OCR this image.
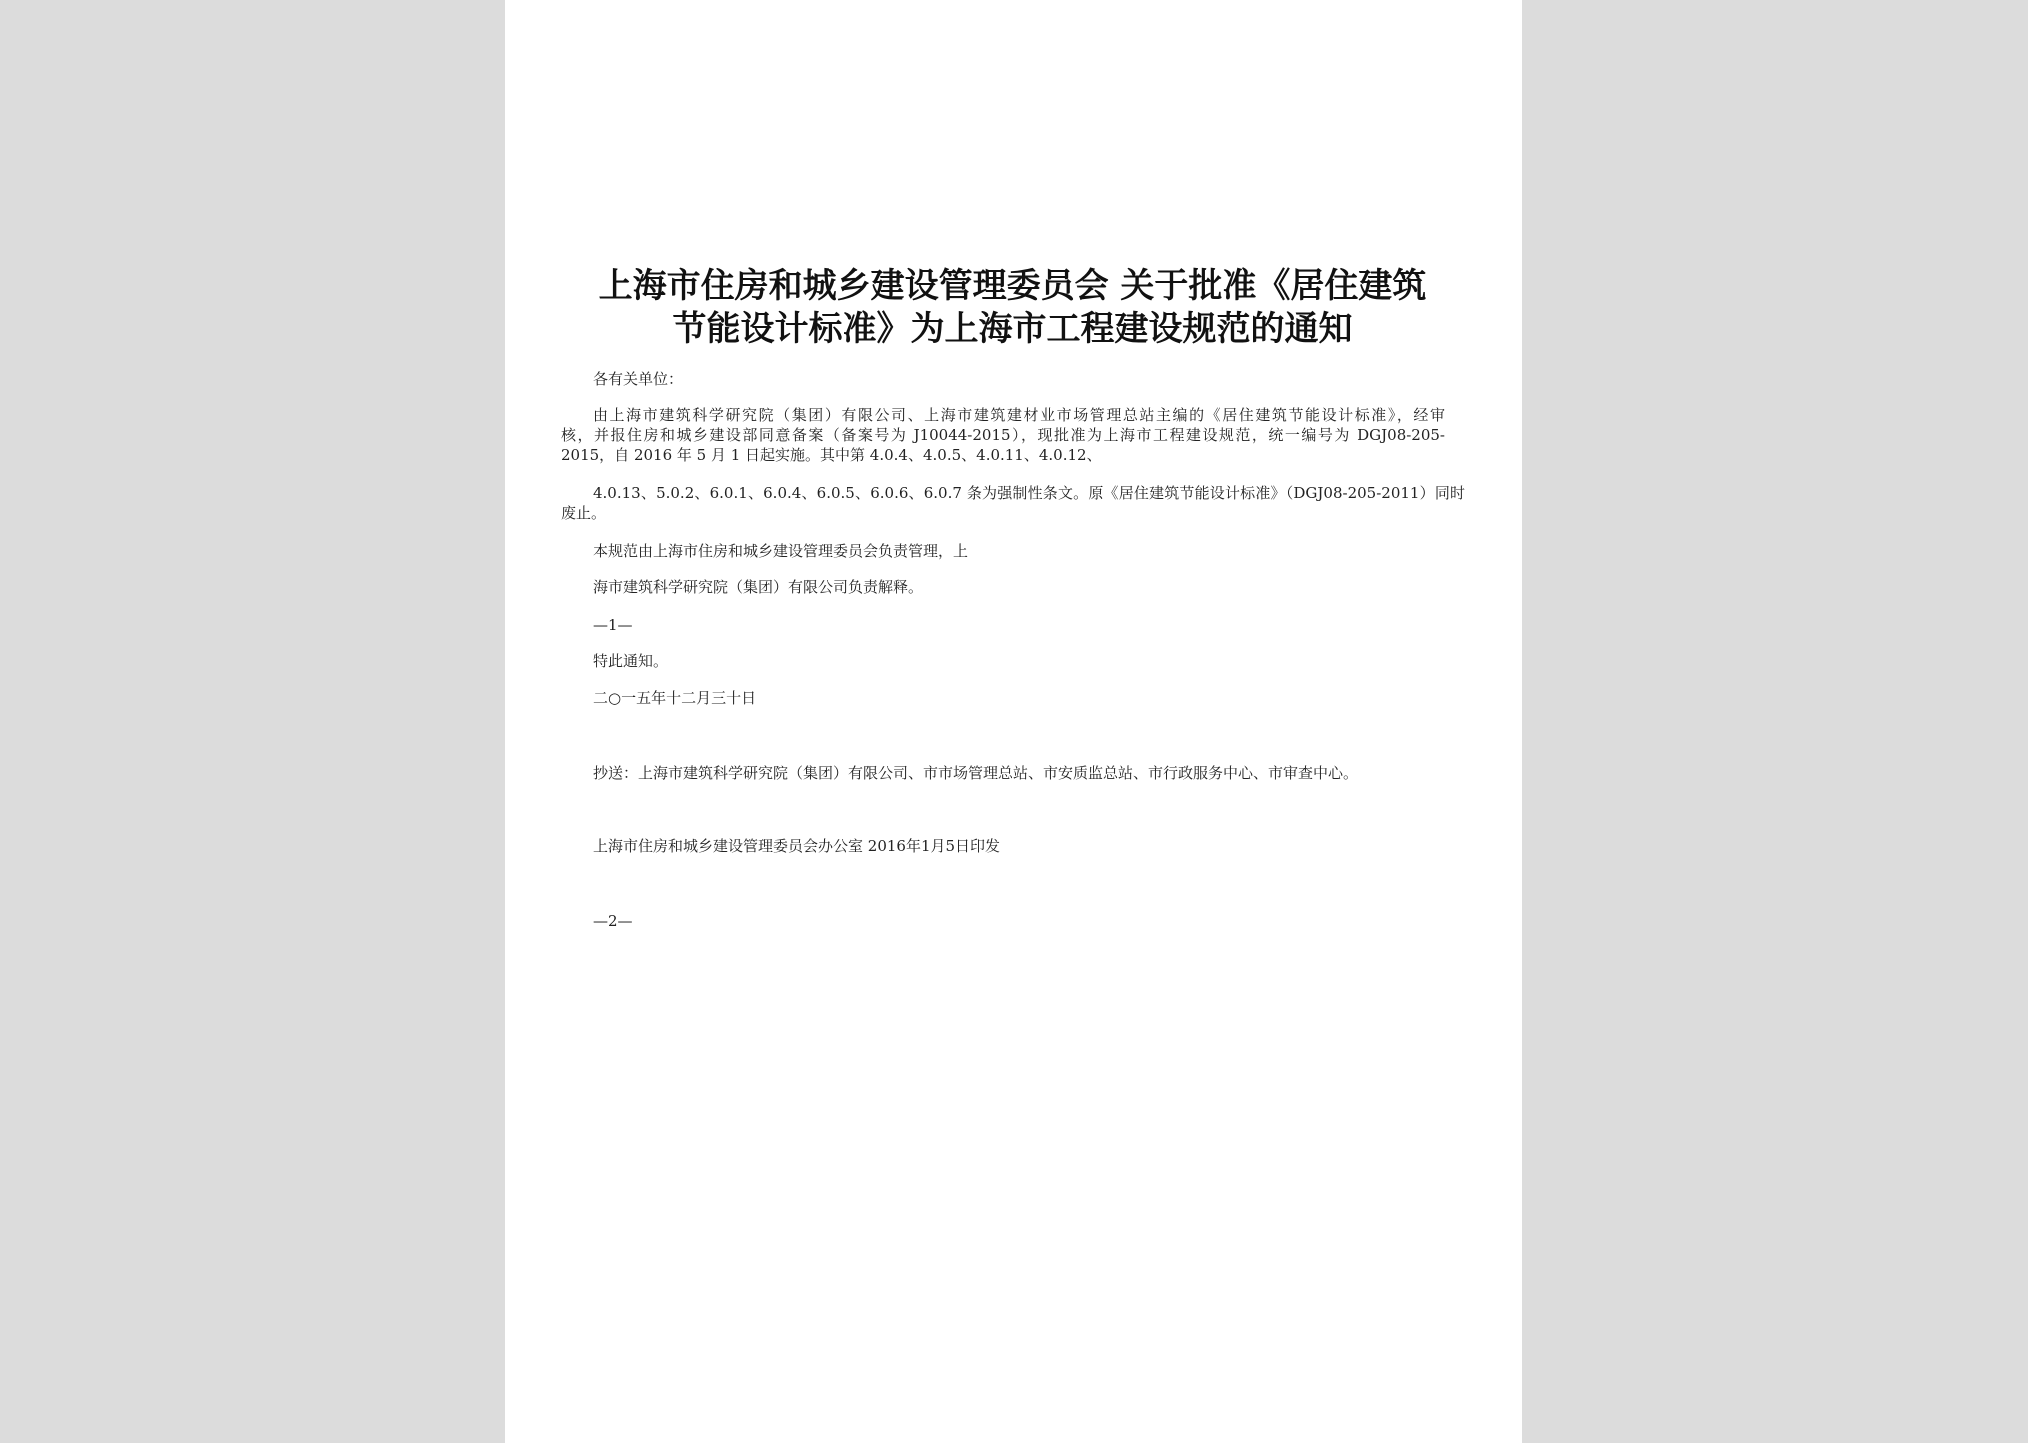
上海市住房和城乡建设管理委员会 关于批准《居住建筑
节能设计标准》为上海市工程建设规范的通知
各有关单位：
由上海市建筑科学研究院（集团）有限公司、上海市建筑建材业市场管理总站主编的《居住建筑节能设计标准》，经审
核，并报住房和城乡建设部同意备案（备案号为 J10044-2015），现批准为上海市工程建设规范，统一编号为 DGJ08-205-
2015，自 2016 年 5 月 1 日起实施。其中第 4.0.4、4.0.5、4.0.11、4.0.12、
4.0.13、5.0.2、6.0.1、6.0.4、6.0.5、6.0.6、6.0.7 条为强制性条文。原《居住建筑节能设计标准》（DGJ08-205-2011）同时
废止。
本规范由上海市住房和城乡建设管理委员会负责管理，上
海市建筑科学研究院（集团）有限公司负责解释。
—1—
特此通知。
二○一五年十二月三十日
抄送：上海市建筑科学研究院（集团）有限公司、市市场管理总站、市安质监总站、市行政服务中心、市审查中心。
上海市住房和城乡建设管理委员会办公室 2016年1月5日印发
—2—
